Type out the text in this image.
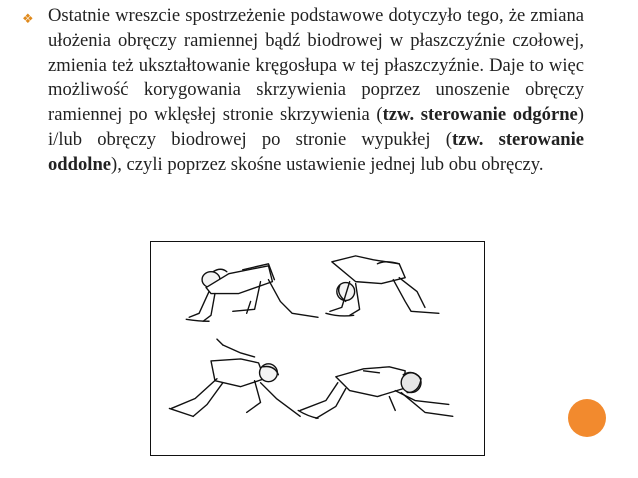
❖ Ostatnie wreszcie spostrzeżenie podstawowe dotyczyło tego, że zmiana ułożenia obręczy ramiennej bądź biodrowej w płaszczyźnie czołowej, zmienia też ukształtowanie kręgosłupa w tej płaszczyźnie. Daje to więc możliwość korygowania skrzywienia poprzez unoszenie obręczy ramiennej po wklęsłej stronie skrzywienia (tzw. sterowanie odgórne) i/lub obręczy biodrowej po stronie wypukłej (tzw. sterowanie oddolne), czyli poprzez skośne ustawienie jednej lub obu obręczy.
